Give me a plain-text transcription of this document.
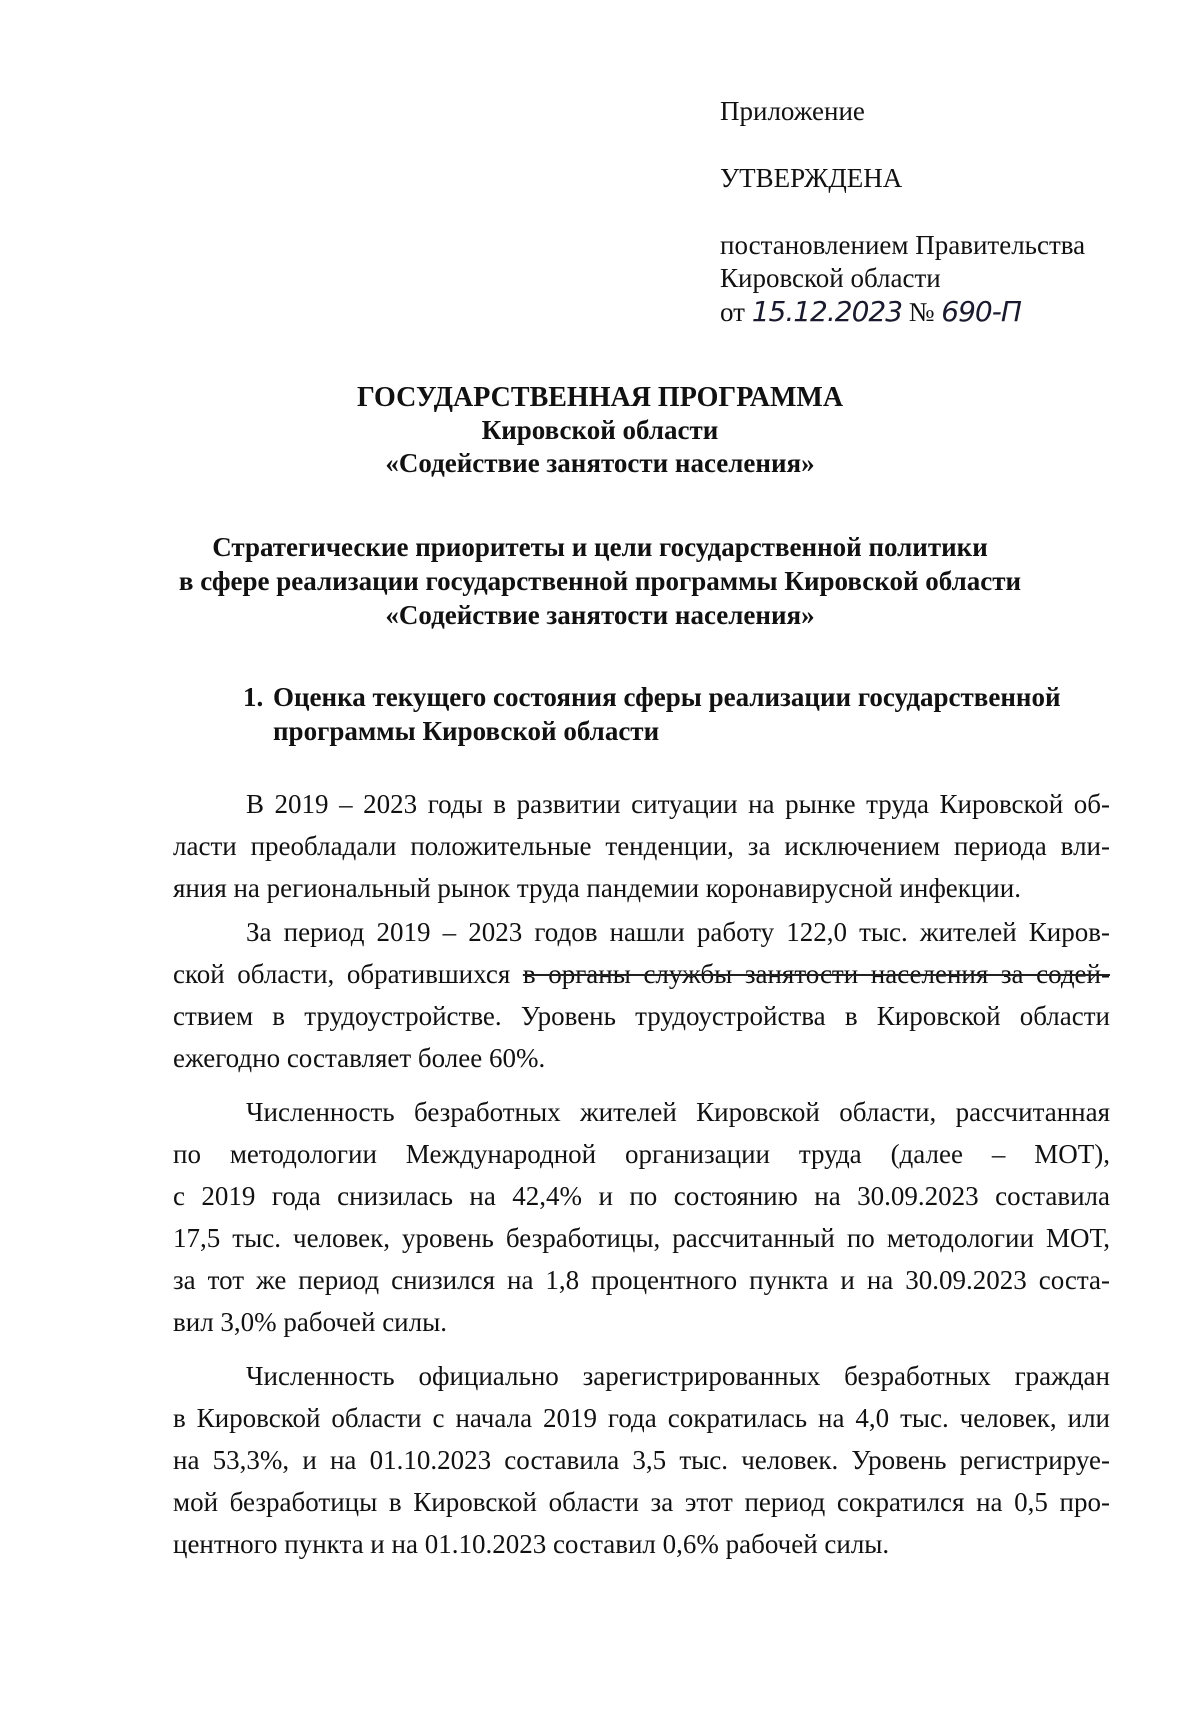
Приложение
УТВЕРЖДЕНА
постановлением Правительства
Кировской области
от 15.12.2023 № 690-П
ГОСУДАРСТВЕННАЯ ПРОГРАММА
Кировской области
«Содействие занятости населения»
Стратегические приоритеты и цели государственной политики
в сфере реализации государственной программы Кировской области
«Содействие занятости населения»
1. Оценка текущего состояния сферы реализации государственной
программы Кировской области
В 2019 – 2023 годы в развитии ситуации на рынке труда Кировской об-
ласти преобладали положительные тенденции, за исключением периода вли-
яния на региональный рынок труда пандемии коронавирусной инфекции.
За период 2019 – 2023 годов нашли работу 122,0 тыс. жителей Киров-
ской области, обратившихся в органы службы занятости населения за содей-
ствием в трудоустройстве. Уровень трудоустройства в Кировской области
ежегодно составляет более 60%.
Численность безработных жителей Кировской области, рассчитанная
по методологии Международной организации труда (далее – МОТ),
с 2019 года снизилась на 42,4% и по состоянию на 30.09.2023 составила
17,5 тыс. человек, уровень безработицы, рассчитанный по методологии МОТ,
за тот же период снизился на 1,8 процентного пункта и на 30.09.2023 соста-
вил 3,0% рабочей силы.
Численность официально зарегистрированных безработных граждан
в Кировской области с начала 2019 года сократилась на 4,0 тыс. человек, или
на 53,3%, и на 01.10.2023 составила 3,5 тыс. человек. Уровень регистрируе-
мой безработицы в Кировской области за этот период сократился на 0,5 про-
центного пункта и на 01.10.2023 составил 0,6% рабочей силы.
